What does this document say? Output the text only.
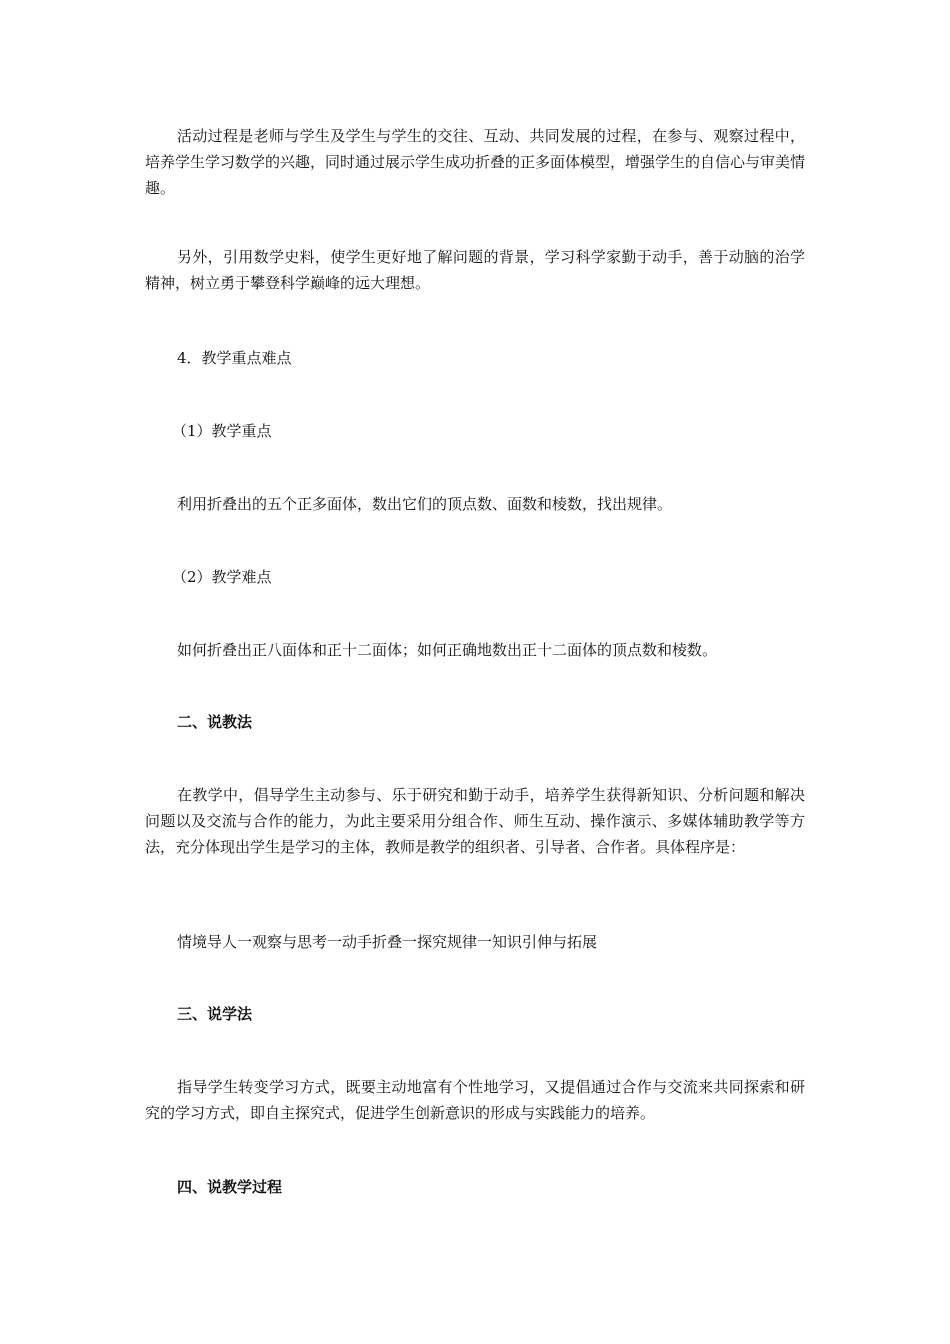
活动过程是老师与学生及学生与学生的交往、互动、共同发展的过程，在参与、观察过程中，培养学生学习数学的兴趣，同时通过展示学生成功折叠的正多面体模型，增强学生的自信心与审美情趣。

另外，引用数学史料，使学生更好地了解问题的背景，学习科学家勤于动手，善于动脑的治学精神，树立勇于攀登科学巅峰的远大理想。

4．教学重点难点

（1）教学重点

利用折叠出的五个正多面体，数出它们的顶点数、面数和棱数，找出规律。

（2）教学难点

如何折叠出正八面体和正十二面体；如何正确地数出正十二面体的顶点数和棱数。

二、说教法

在教学中，倡导学生主动参与、乐于研究和勤于动手，培养学生获得新知识、分析问题和解决问题以及交流与合作的能力，为此主要采用分组合作、师生互动、操作演示、多媒体辅助教学等方法，充分体现出学生是学习的主体，教师是教学的组织者、引导者、合作者。具体程序是：

情境导人一观察与思考一动手折叠一探究规律一知识引伸与拓展

三、说学法

指导学生转变学习方式，既要主动地富有个性地学习，又提倡通过合作与交流来共同探索和研究的学习方式，即自主探究式，促进学生创新意识的形成与实践能力的培养。

四、说教学过程
